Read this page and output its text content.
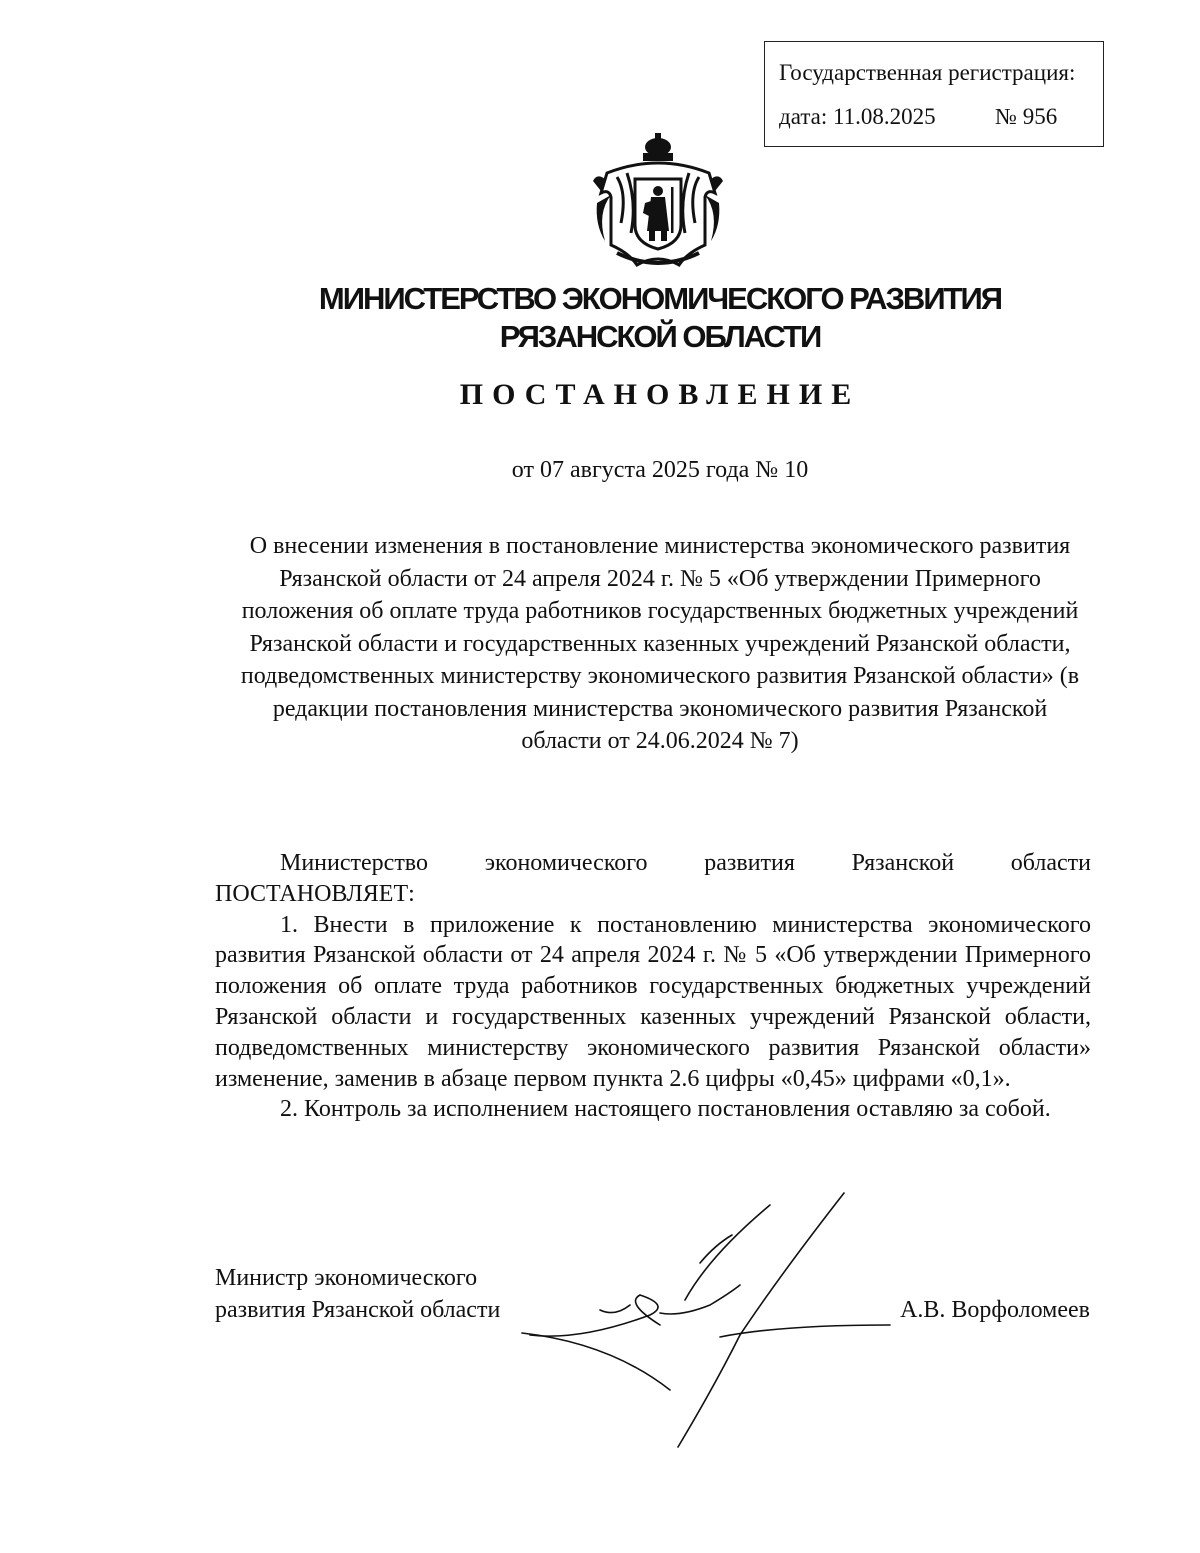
Государственная регистрация:
дата: 11.08.2025	№ 956
МИНИСТЕРСТВО ЭКОНОМИЧЕСКОГО РАЗВИТИЯ
РЯЗАНСКОЙ ОБЛАСТИ
ПОСТАНОВЛЕНИЕ
от 07 августа 2025 года № 10
О внесении изменения в постановление министерства экономического развития Рязанской области от 24 апреля 2024 г. № 5 «Об утверждении Примерного положения об оплате труда работников государственных бюджетных учреждений Рязанской области и государственных казенных учреждений Рязанской области, подведомственных министерству экономического развития Рязанской области» (в редакции постановления министерства экономического развития Рязанской области от 24.06.2024 № 7)

Министерство экономического развития Рязанской области ПОСТАНОВЛЯЕТ:

1. Внести в приложение к постановлению министерства экономического развития Рязанской области от 24 апреля 2024 г. № 5 «Об утверждении Примерного положения об оплате труда работников государственных бюджетных учреждений Рязанской области и государственных казенных учреждений Рязанской области, подведомственных министерству экономического развития Рязанской области» изменение, заменив в абзаце первом пункта 2.6 цифры «0,45» цифрами «0,1».

2. Контроль за исполнением настоящего постановления оставляю за собой.

Министр экономического
развития Рязанской области	А.В. Ворфоломеев
